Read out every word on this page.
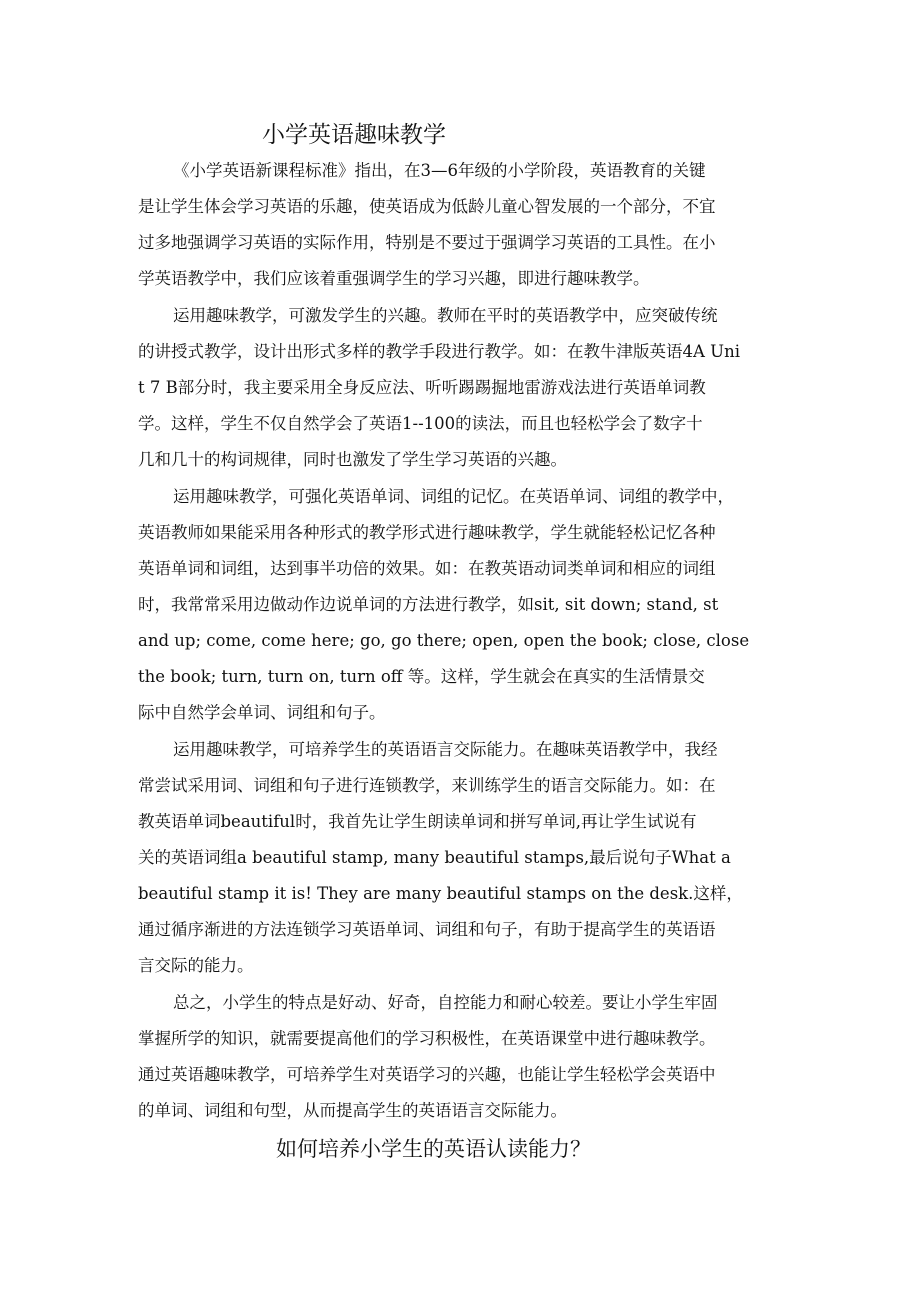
小学英语趣味教学

《小学英语新课程标准》指出，在3—6年级的小学阶段，英语教育的关键

是让学生体会学习英语的乐趣，使英语成为低龄儿童心智发展的一个部分，不宜

过多地强调学习英语的实际作用，特别是不要过于强调学习英语的工具性。在小

学英语教学中，我们应该着重强调学生的学习兴趣，即进行趣味教学。

运用趣味教学，可激发学生的兴趣。教师在平时的英语教学中，应突破传统

的讲授式教学，设计出形式多样的教学手段进行教学。如：在教牛津版英语4A Uni

t 7 B部分时，我主要采用全身反应法、听听踢踢掘地雷游戏法进行英语单词教

学。这样，学生不仅自然学会了英语1--100的读法，而且也轻松学会了数字十

几和几十的构词规律，同时也激发了学生学习英语的兴趣。

运用趣味教学，可强化英语单词、词组的记忆。在英语单词、词组的教学中，

英语教师如果能采用各种形式的教学形式进行趣味教学，学生就能轻松记忆各种

英语单词和词组，达到事半功倍的效果。如：在教英语动词类单词和相应的词组

时，我常常采用边做动作边说单词的方法进行教学，如sit, sit down; stand, st

and up; come, come here; go, go there; open, open the book; close, close

the book; turn, turn on, turn off 等。这样，学生就会在真实的生活情景交

际中自然学会单词、词组和句子。

运用趣味教学，可培养学生的英语语言交际能力。在趣味英语教学中，我经

常尝试采用词、词组和句子进行连锁教学，来训练学生的语言交际能力。如：在

教英语单词beautiful时，我首先让学生朗读单词和拼写单词,再让学生试说有

关的英语词组a beautiful stamp, many beautiful stamps,最后说句子What a

beautiful stamp it is! They are many beautiful stamps on the desk.这样，

通过循序渐进的方法连锁学习英语单词、词组和句子，有助于提高学生的英语语

言交际的能力。

总之，小学生的特点是好动、好奇，自控能力和耐心较差。要让小学生牢固

掌握所学的知识，就需要提高他们的学习积极性，在英语课堂中进行趣味教学。

通过英语趣味教学，可培养学生对英语学习的兴趣，也能让学生轻松学会英语中

的单词、词组和句型，从而提高学生的英语语言交际能力。

如何培养小学生的英语认读能力？
